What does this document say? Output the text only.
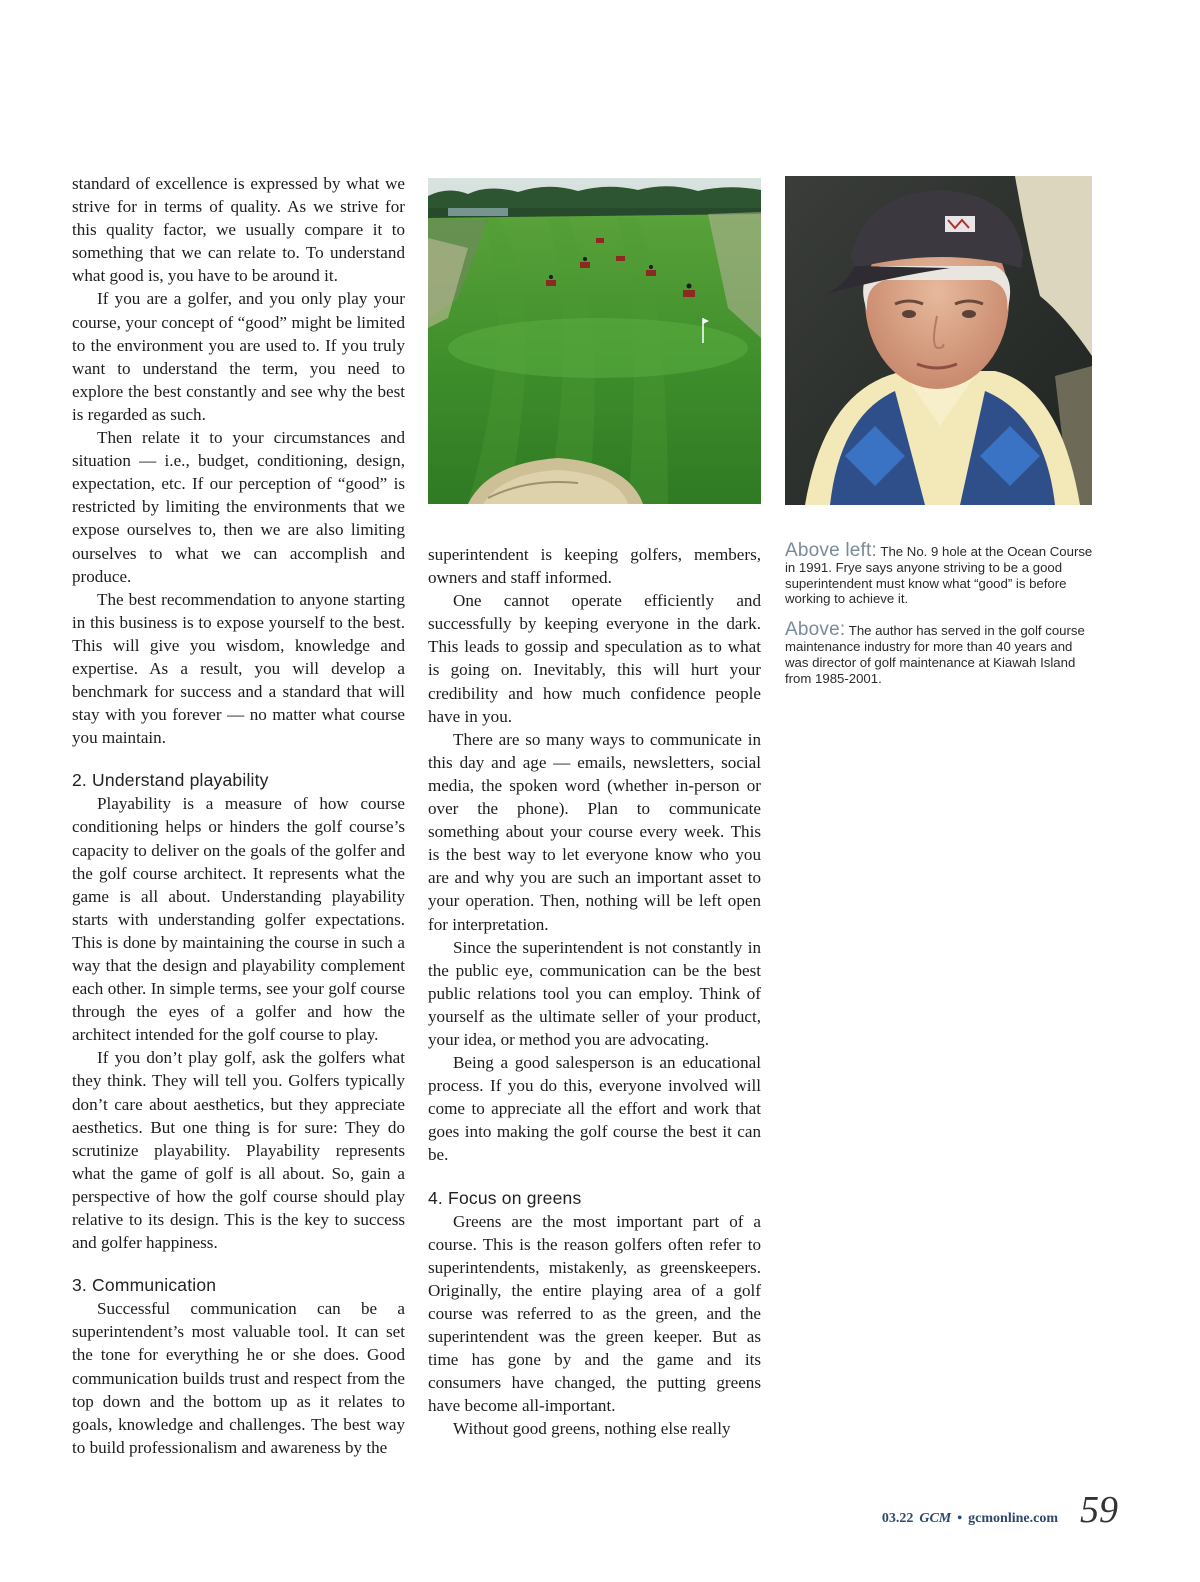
standard of excellence is expressed by what we strive for in terms of quality. As we strive for this quality factor, we usually compare it to something that we can relate to. To understand what good is, you have to be around it.

If you are a golfer, and you only play your course, your concept of “good” might be limited to the environment you are used to. If you truly want to understand the term, you need to explore the best constantly and see why the best is regarded as such.

Then relate it to your circumstances and situation — i.e., budget, conditioning, design, expectation, etc. If our perception of “good” is restricted by limiting the environments that we expose ourselves to, then we are also limiting ourselves to what we can accomplish and produce.

The best recommendation to anyone starting in this business is to expose yourself to the best. This will give you wisdom, knowledge and expertise. As a result, you will develop a benchmark for success and a standard that will stay with you forever — no matter what course you maintain.

2. Understand playability

Playability is a measure of how course conditioning helps or hinders the golf course’s capacity to deliver on the goals of the golfer and the golf course architect. It represents what the game is all about. Understanding playability starts with understanding golfer expectations. This is done by maintaining the course in such a way that the design and playability complement each other. In simple terms, see your golf course through the eyes of a golfer and how the architect intended for the golf course to play.

If you don’t play golf, ask the golfers what they think. They will tell you. Golfers typically don’t care about aesthetics, but they appreciate aesthetics. But one thing is for sure: They do scrutinize playability. Playability represents what the game of golf is all about. So, gain a perspective of how the golf course should play relative to its design. This is the key to success and golfer happiness.

3. Communication

Successful communication can be a superintendent’s most valuable tool. It can set the tone for everything he or she does. Good communication builds trust and respect from the top down and the bottom up as it relates to goals, knowledge and challenges. The best way to build professionalism and awareness by the

superintendent is keeping golfers, members, owners and staff informed.

One cannot operate efficiently and successfully by keeping everyone in the dark. This leads to gossip and speculation as to what is going on. Inevitably, this will hurt your credibility and how much confidence people have in you.

There are so many ways to communicate in this day and age — emails, newsletters, social media, the spoken word (whether in-person or over the phone). Plan to communicate something about your course every week. This is the best way to let everyone know who you are and why you are such an important asset to your operation. Then, nothing will be left open for interpretation.

Since the superintendent is not constantly in the public eye, communication can be the best public relations tool you can employ. Think of yourself as the ultimate seller of your product, your idea, or method you are advocating.

Being a good salesperson is an educational process. If you do this, everyone involved will come to appreciate all the effort and work that goes into making the golf course the best it can be.

4. Focus on greens

Greens are the most important part of a course. This is the reason golfers often refer to superintendents, mistakenly, as greenskeepers. Originally, the entire playing area of a golf course was referred to as the green, and the superintendent was the green keeper. But as time has gone by and the game and its consumers have changed, the putting greens have become all-important.

Without good greens, nothing else really

Above left: The No. 9 hole at the Ocean Course in 1991. Frye says anyone striving to be a good superintendent must know what “good” is before working to achieve it.

Above: The author has served in the golf course maintenance industry for more than 40 years and was director of golf maintenance at Kiawah Island from 1985-2001.

03.22 GCM • gcmonline.com 59
